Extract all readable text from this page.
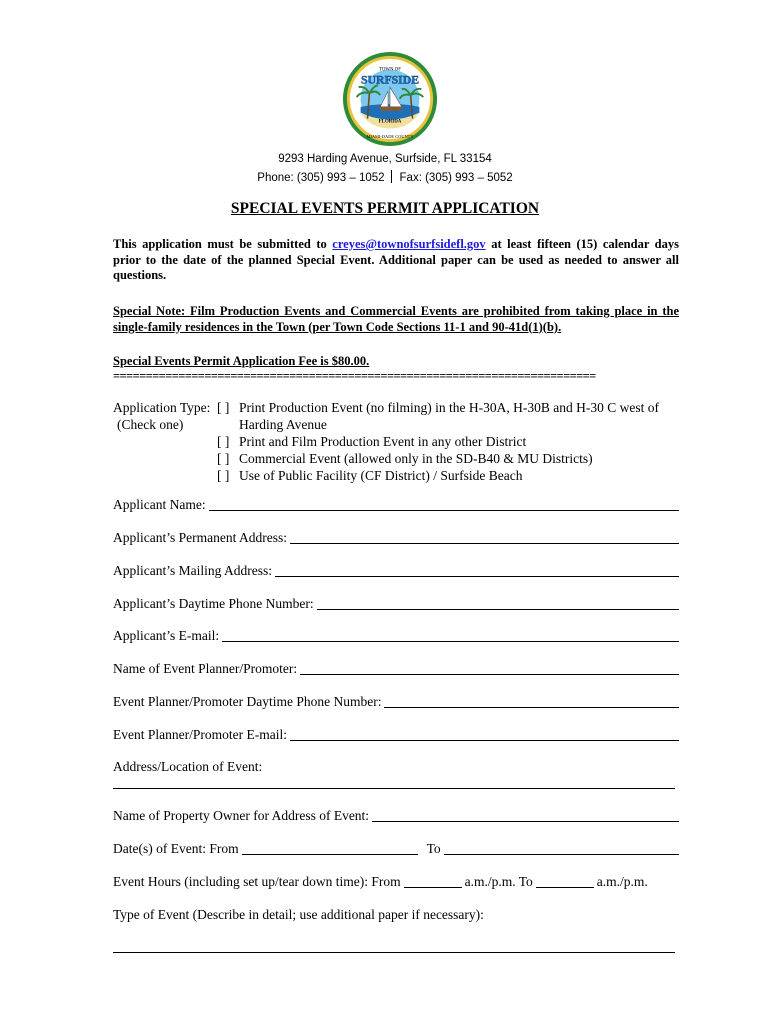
TOWN OF
SURFSIDE
FLORIDA
MIAMI-DADE COUNTY
9293 Harding Avenue, Surfside, FL 33154
Phone: (305) 993 – 1052 Fax: (305) 993 – 5052
SPECIAL EVENTS PERMIT APPLICATION

This application must be submitted to creyes@townofsurfsidefl.gov at least fifteen (15) calendar days prior to the date of the planned Special Event. Additional paper can be used as needed to answer all questions.

Special Note: Film Production Events and Commercial Events are prohibited from taking place in the single-family residences in the Town (per Town Code Sections 11-1 and 90-41d(1)(b).

Special Events Permit Application Fee is $80.00.
==========================================================================
Application Type:
(Check one)
[ ] Print Production Event (no filming) in the H-30A, H-30B and H-30 C west of
Harding Avenue
[ ] Print and Film Production Event in any other District
[ ] Commercial Event (allowed only in the SD-B40 & MU Districts)
[ ] Use of Public Facility (CF District) / Surfside Beach
Applicant Name:
Applicant’s Permanent Address:
Applicant’s Mailing Address:
Applicant’s Daytime Phone Number:
Applicant’s E-mail:
Name of Event Planner/Promoter:
Event Planner/Promoter Daytime Phone Number:
Event Planner/Promoter E-mail:
Address/Location of Event:
Name of Property Owner for Address of Event:
Date(s) of Event: From	To
Event Hours (including set up/tear down time): From	a.m./p.m. To	a.m./p.m.
Type of Event (Describe in detail; use additional paper if necessary):
